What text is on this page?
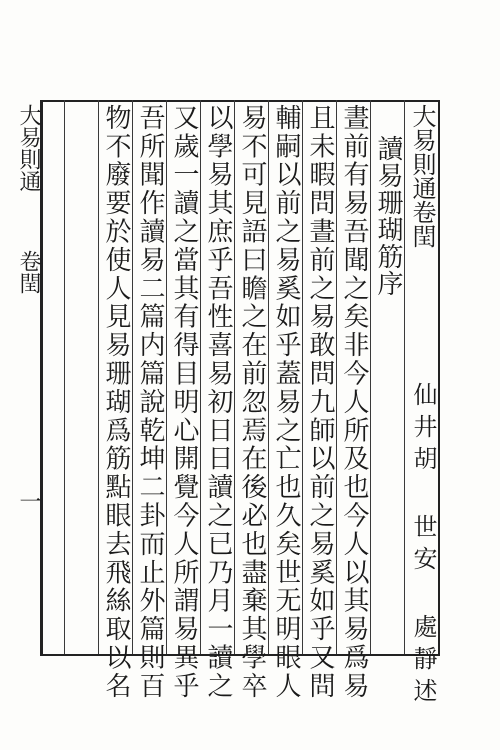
大易則通卷閏
仙井胡 世安 處靜述
讀易珊瑚筋序
晝前有易吾聞之矣非今人所及也今人以其易爲易
且未暇問晝前之易敢問九師以前之易奚如乎又問
輔嗣以前之易奚如乎蓋易之亡也久矣世无明眼人
易不可見語曰瞻之在前忽焉在後必也盡棄其學卒
以學易其庶乎吾性喜易初日日讀之已乃月一讀之
又歲一讀之當其有得目明心開覺今人所謂易異乎
吾所聞作讀易二篇内篇說乾坤二卦而止外篇則百
物不廢要於使人見易珊瑚爲筋點眼去飛絲取以名
大易則通
卷閏
一
